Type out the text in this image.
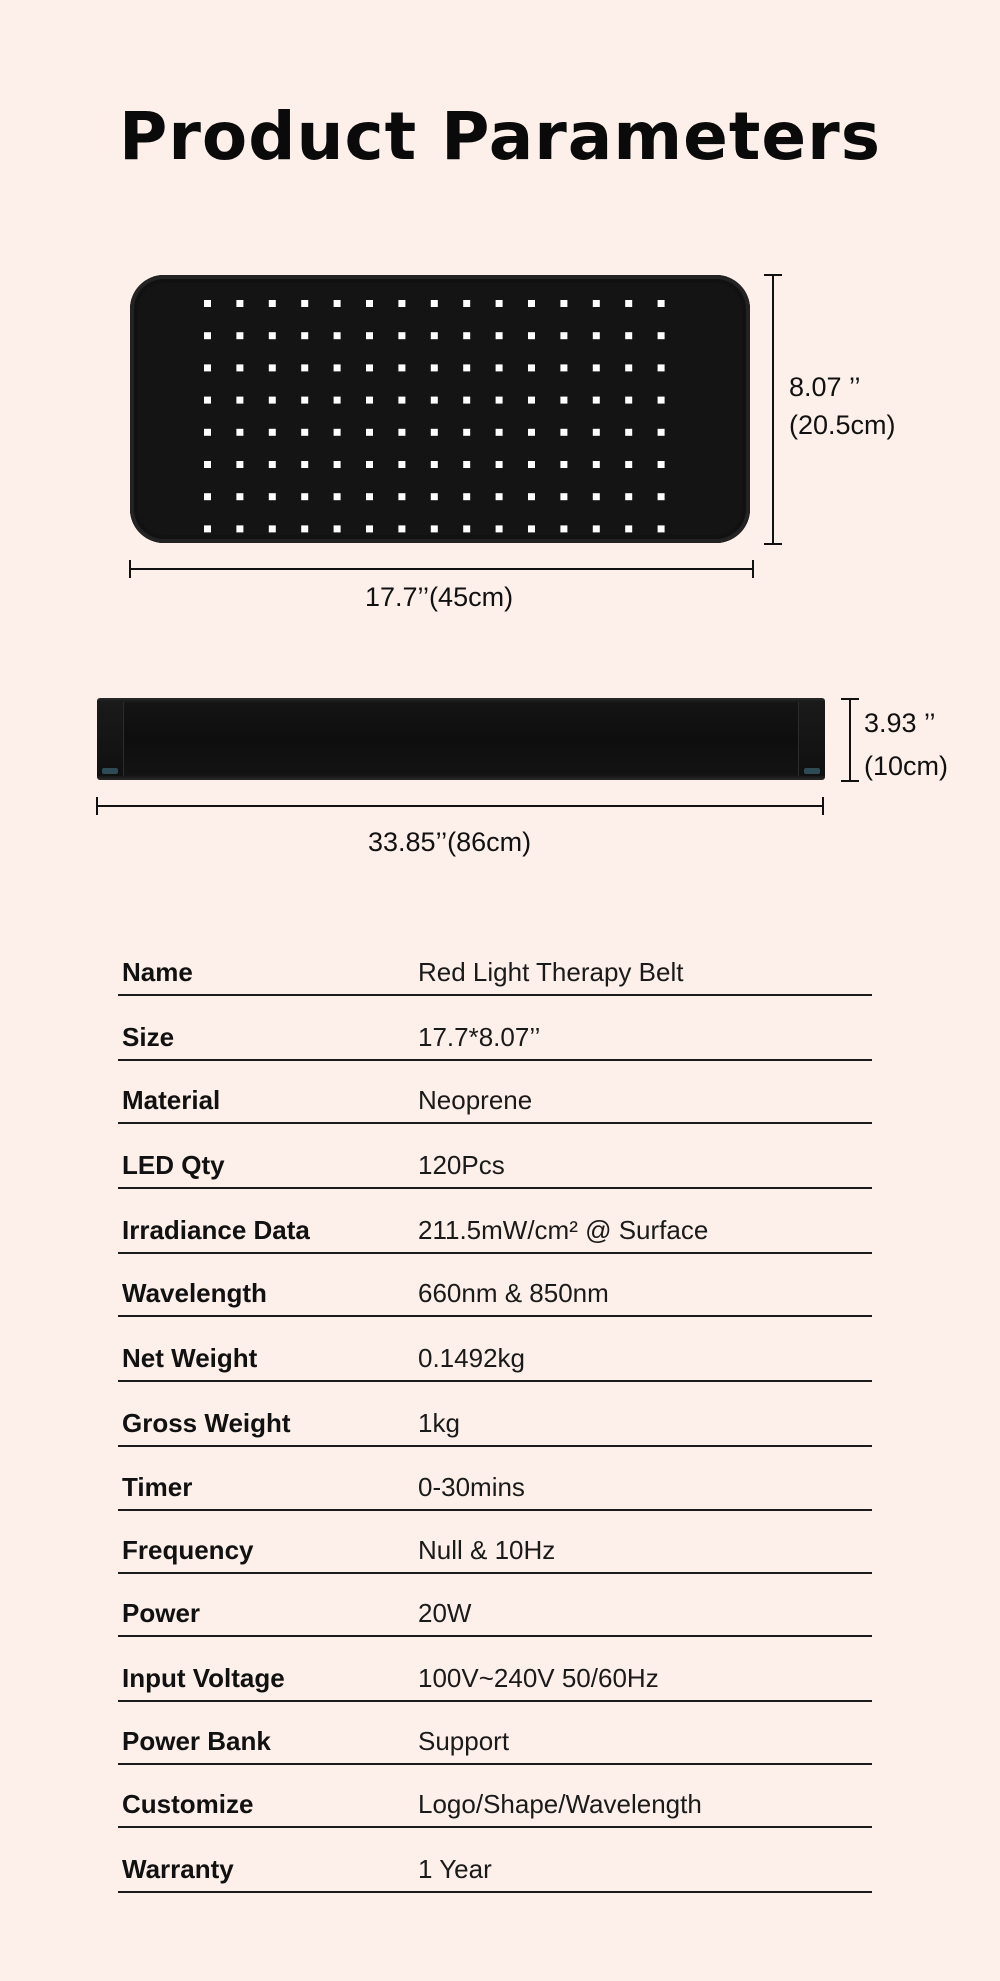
Product Parameters
8.07 ’’
(20.5cm)
17.7’’(45cm)
3.93 ’’
(10cm)
33.85’’(86cm)
Name	Red Light Therapy Belt
Size	17.7*8.07’’
Material	Neoprene
LED Qty	120Pcs
Irradiance Data	211.5mW/cm² @ Surface
Wavelength	660nm & 850nm
Net Weight	0.1492kg
Gross Weight	1kg
Timer	0-30mins
Frequency	Null & 10Hz
Power	20W
Input Voltage	100V~240V 50/60Hz
Power Bank	Support
Customize	Logo/Shape/Wavelength
Warranty	1 Year
